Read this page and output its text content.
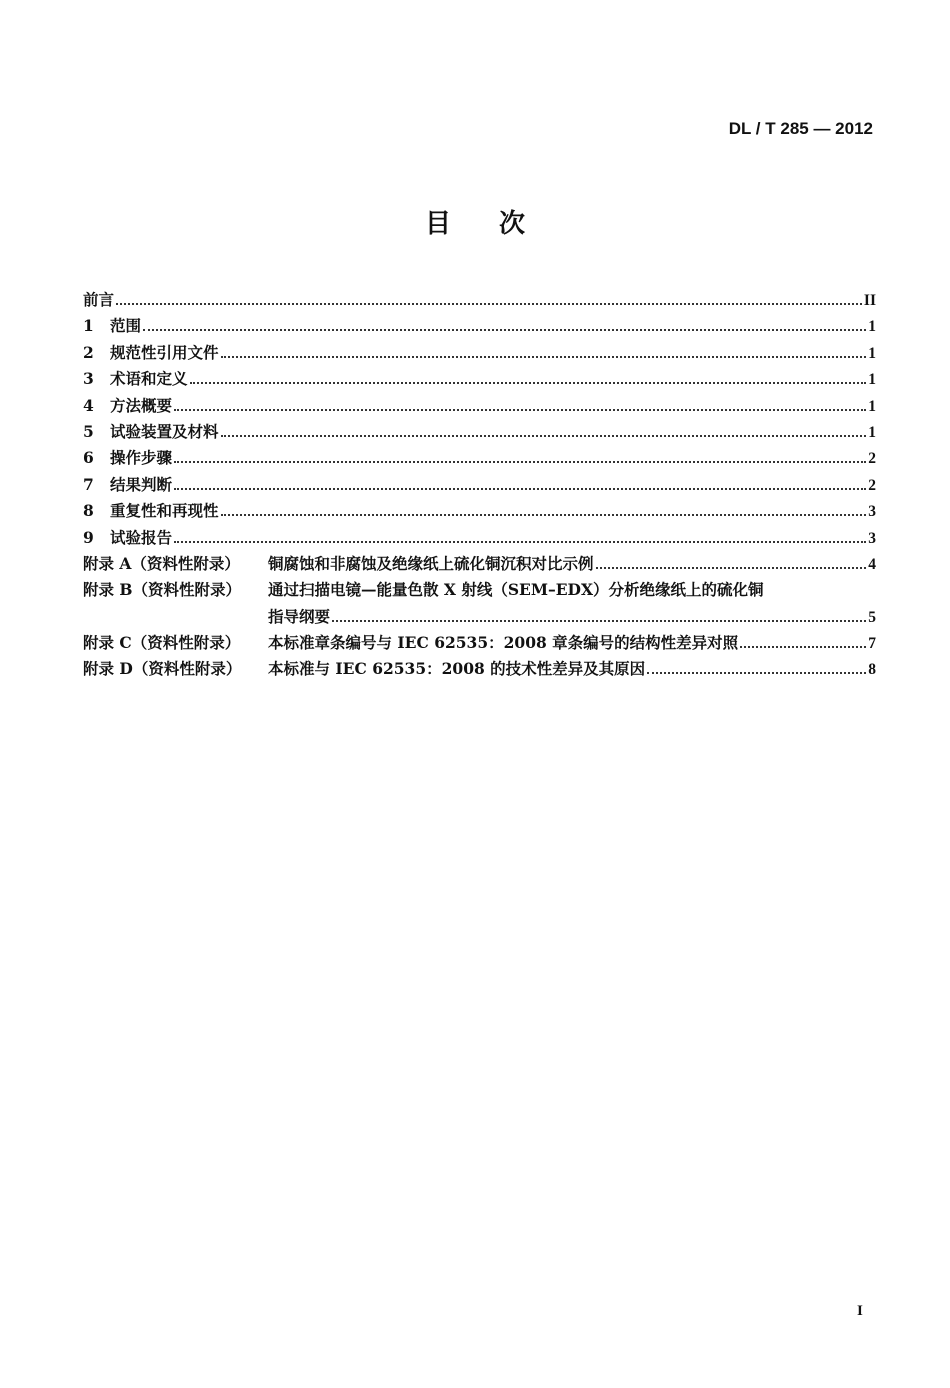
DL / T 285 — 2012
目次
前言	II
1	范围	1
2	规范性引用文件	1
3	术语和定义	1
4	方法概要	1
5	试验装置及材料	1
6	操作步骤	2
7	结果判断	2
8	重复性和再现性	3
9	试验报告	3
附录 A（资料性附录）	铜腐蚀和非腐蚀及绝缘纸上硫化铜沉积对比示例	4
附录 B（资料性附录）	通过扫描电镜—能量色散 X 射线（SEM–EDX）分析绝缘纸上的硫化铜
指导纲要	5
附录 C（资料性附录）	本标准章条编号与 IEC 62535：2008 章条编号的结构性差异对照	7
附录 D（资料性附录）	本标准与 IEC 62535：2008 的技术性差异及其原因	8
I
